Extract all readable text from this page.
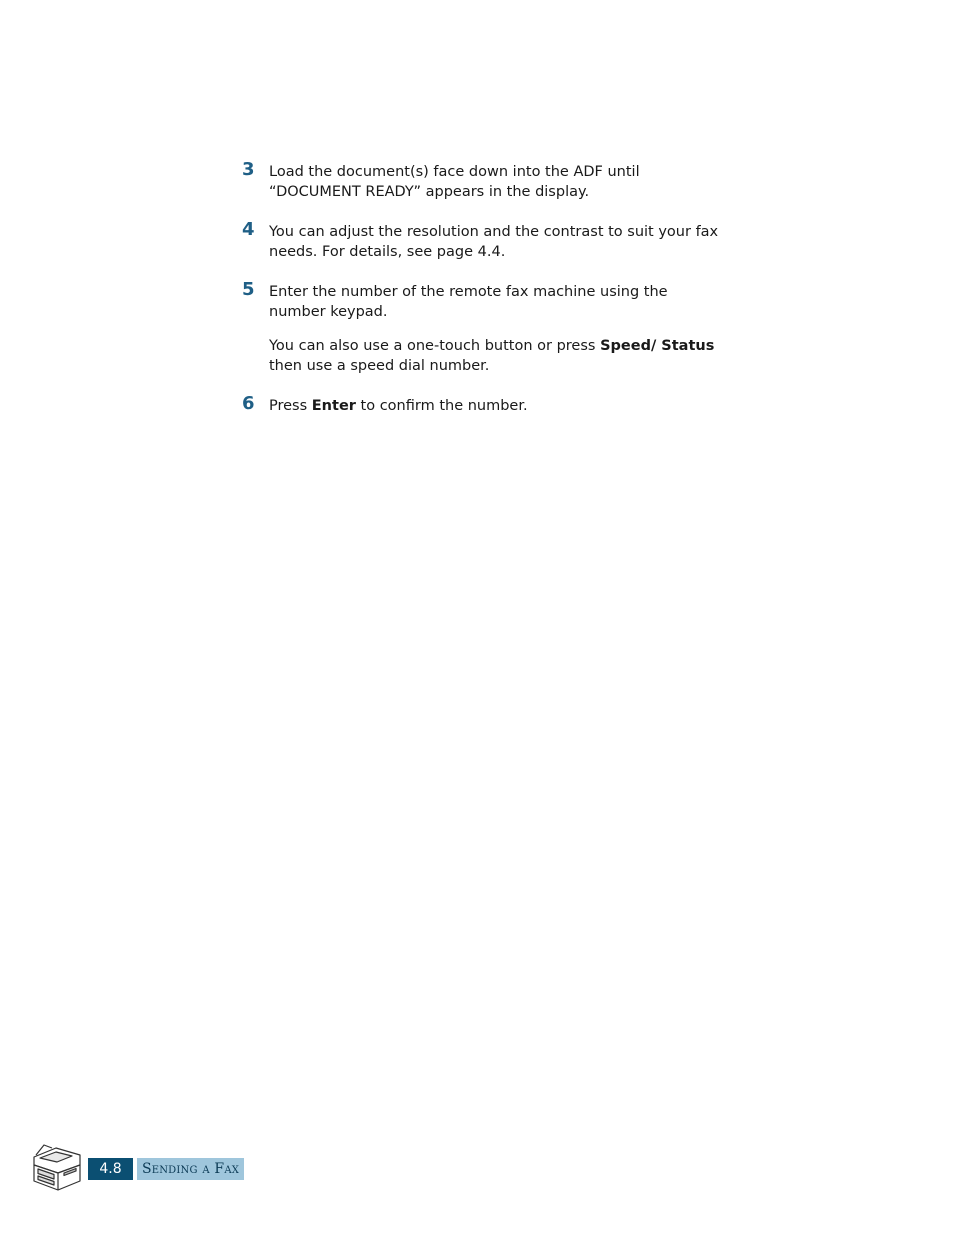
3 Load the document(s) face down into the ADF until “DOCUMENT READY” appears in the display.

4 You can adjust the resolution and the contrast to suit your fax needs. For details, see page 4.4.

5 Enter the number of the remote fax machine using the number keypad.

You can also use a one-touch button or press Speed/ Status then use a speed dial number.

6 Press Enter to confirm the number.

4.8	Sending a Fax
